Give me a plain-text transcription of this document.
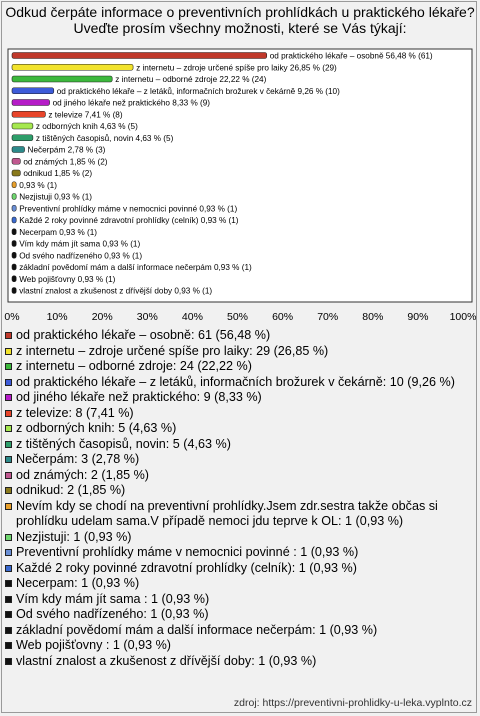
Odkud čerpáte informace o preventivních prohlídkách u praktického lékaře? Uveďte prosím všechny možnosti, které se Vás týkají:
od praktického lékaře – osobně 56,48 % (61)
z internetu – zdroje určené spíše pro laiky 26,85 % (29)
z internetu – odborné zdroje 22,22 % (24)
od praktického lékaře – z letáků, informačních brožurek v čekárně 9,26 % (10)
od jiného lékaře než praktického 8,33 % (9)
z televize 7,41 % (8)
z odborných knih 4,63 % (5)
z tištěných časopisů, novin 4,63 % (5)
Nečerpám 2,78 % (3)
od známých 1,85 % (2)
odnikud 1,85 % (2)
0,93 % (1)
Nezjistuji 0,93 % (1)
Preventivní prohlídky máme v nemocnici povinné 0,93 % (1)
Každé 2 roky povinné zdravotní prohlídky (celník) 0,93 % (1)
Necerpam 0,93 % (1)
Vím kdy mám jít sama 0,93 % (1)
Od svého nadřízeného 0,93 % (1)
základní povědomí mám a další informace nečerpám 0,93 % (1)
Web pojišťovny 0,93 % (1)
vlastní znalost a zkušenost z dřívější doby 0,93 % (1)
0%	10% 20% 30% 40% 50% 60% 70% 80% 90% 100%
od praktického lékaře – osobně: 61 (56,48 %)
z internetu – zdroje určené spíše pro laiky: 29 (26,85 %)
z internetu – odborné zdroje: 24 (22,22 %)
od praktického lékaře – z letáků, informačních brožurek v čekárně: 10 (9,26 %)
od jiného lékaře než praktického: 9 (8,33 %)
z televize: 8 (7,41 %)
z odborných knih: 5 (4,63 %)
z tištěných časopisů, novin: 5 (4,63 %)
Nečerpám: 3 (2,78 %)
od známých: 2 (1,85 %)
odnikud: 2 (1,85 %)
Nevím kdy se chodí na preventivní prohlídky.Jsem zdr.sestra takže občas si prohlídku udelam sama.V případě nemoci jdu teprve k OL: 1 (0,93 %)
Nezjistuji: 1 (0,93 %)
Preventivní prohlídky máme v nemocnici povinné : 1 (0,93 %)
Každé 2 roky povinné zdravotní prohlídky (celník): 1 (0,93 %)
Necerpam: 1 (0,93 %)
Vím kdy mám jít sama : 1 (0,93 %)
Od svého nadřízeného: 1 (0,93 %)
základní povědomí mám a další informace nečerpám: 1 (0,93 %)
Web pojišťovny : 1 (0,93 %)
vlastní znalost a zkušenost z dřívější doby: 1 (0,93 %)
zdroj: https://preventivni-prohlidky-u-leka.vyplnto.cz
